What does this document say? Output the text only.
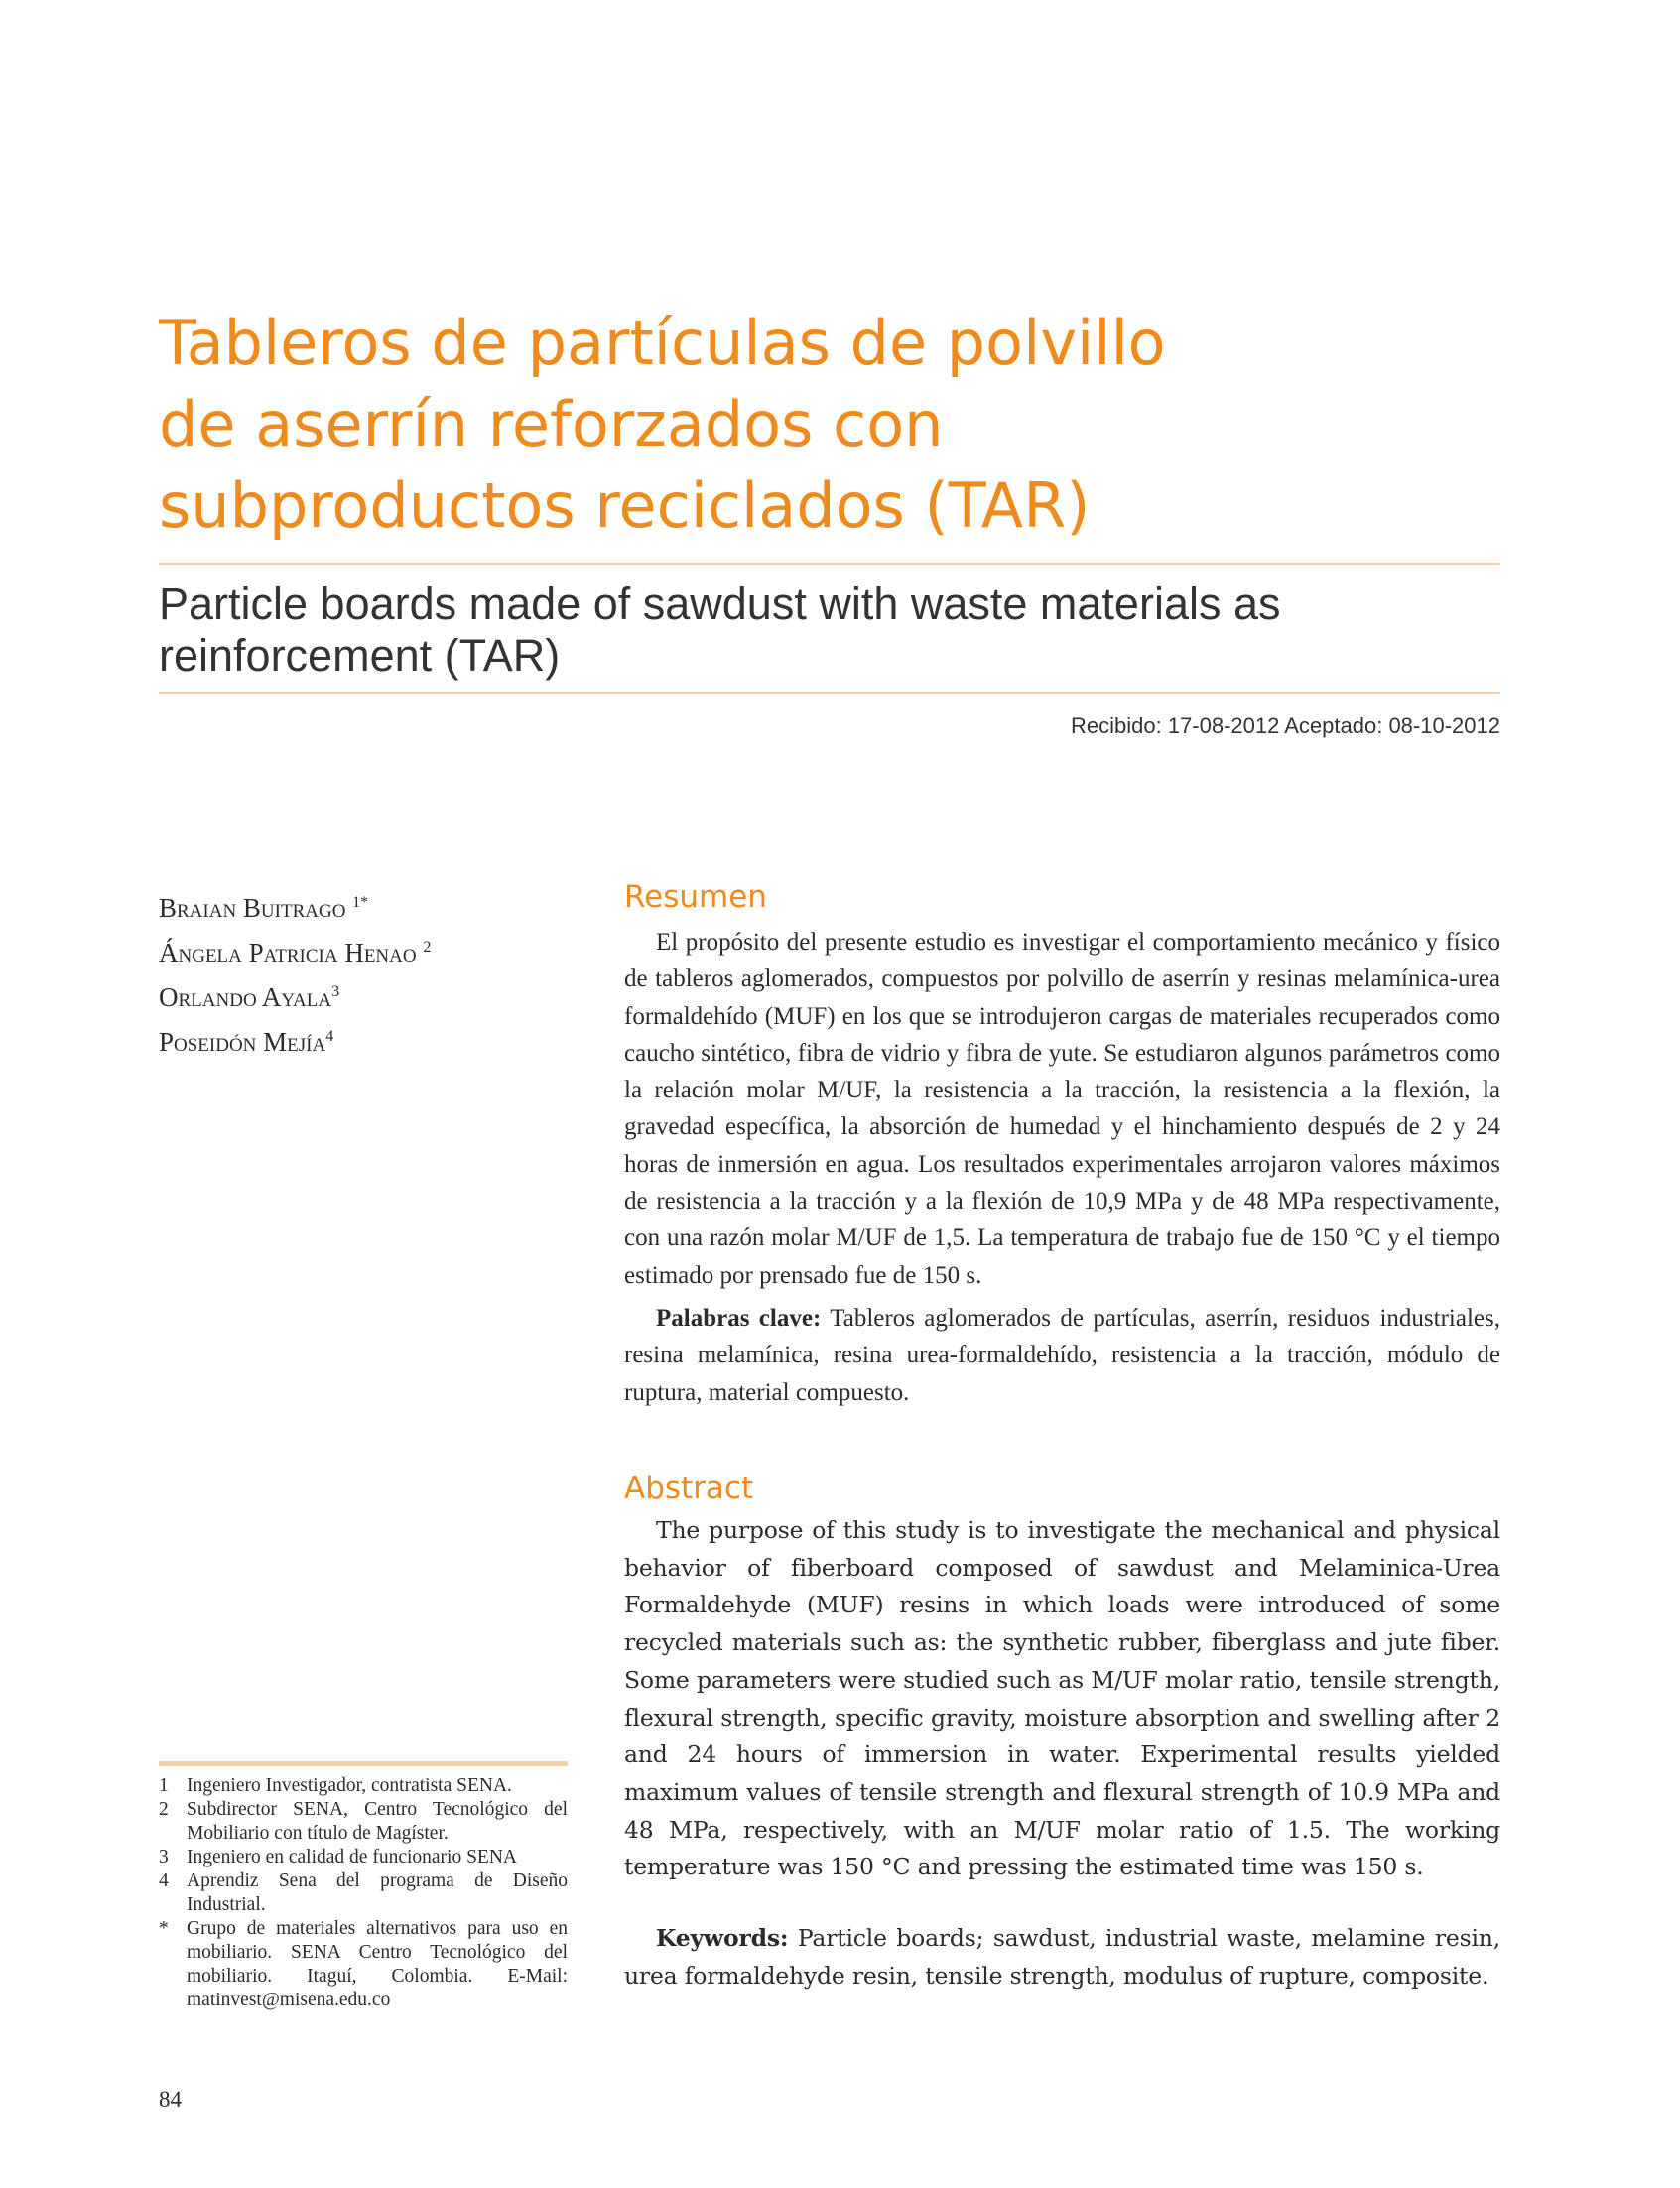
Tableros de partículas de polvillo
de aserrín reforzados con
subproductos reciclados (TAR)
Particle boards made of sawdust with waste materials as reinforcement (TAR)
Recibido: 17-08-2012 Aceptado: 08-10-2012
Braian Buitrago $^{1*}$
Ángela Patricia Henao $^2$
Orlando Ayala$^3$
Poseidón Mejía$^4$
Resumen

El propósito del presente estudio es investigar el comportamiento mecánico y físico de tableros aglomerados, compuestos por polvillo de aserrín y resinas melamínica-urea formaldehído (MUF) en los que se introdujeron cargas de materiales recuperados como caucho sintético, fibra de vidrio y fibra de yute. Se estudiaron algunos parámetros como la relación molar M/UF, la resistencia a la tracción, la resistencia a la flexión, la gravedad específica, la absorción de humedad y el hinchamiento después de 2 y 24 horas de inmersión en agua. Los resultados experimentales arrojaron valores máximos de resistencia a la tracción y a la flexión de 10,9 MPa y de 48 MPa respectivamente, con una razón molar M/UF de 1,5. La temperatura de trabajo fue de 150 °C y el tiempo estimado por prensado fue de 150 s.

Palabras clave: Tableros aglomerados de partículas, aserrín, residuos industriales, resina melamínica, resina urea-formaldehído, resistencia a la tracción, módulo de ruptura, material compuesto.

Abstract

The purpose of this study is to investigate the mechanical and physical behavior of fiberboard composed of sawdust and Melaminica-Urea Formaldehyde (MUF) resins in which loads were introduced of some recycled materials such as: the synthetic rubber, fiberglass and jute fiber. Some parameters were studied such as M/UF molar ratio, tensile strength, flexural strength, specific gravity, moisture absorption and swelling after 2 and 24 hours of immersion in water. Experimental results yielded maximum values of tensile strength and flexural strength of 10.9 MPa and 48 MPa, respectively, with an M/UF molar ratio of 1.5. The working temperature was 150 °C and pressing the estimated time was 150 s.

Keywords: Particle boards; sawdust, industrial waste, melamine resin, urea formaldehyde resin, tensile strength, modulus of rupture, composite.

1 Ingeniero Investigador, contratista SENA.
2 Subdirector SENA, Centro Tecnológico del Mobiliario con título de Magíster.
3 Ingeniero en calidad de funcionario SENA
4 Aprendiz Sena del programa de Diseño Industrial.
* Grupo de materiales alternativos para uso en mobiliario. SENA Centro Tecnológico del mobiliario. Itaguí, Colombia. E-Mail: matinvest@misena.edu.co
84
